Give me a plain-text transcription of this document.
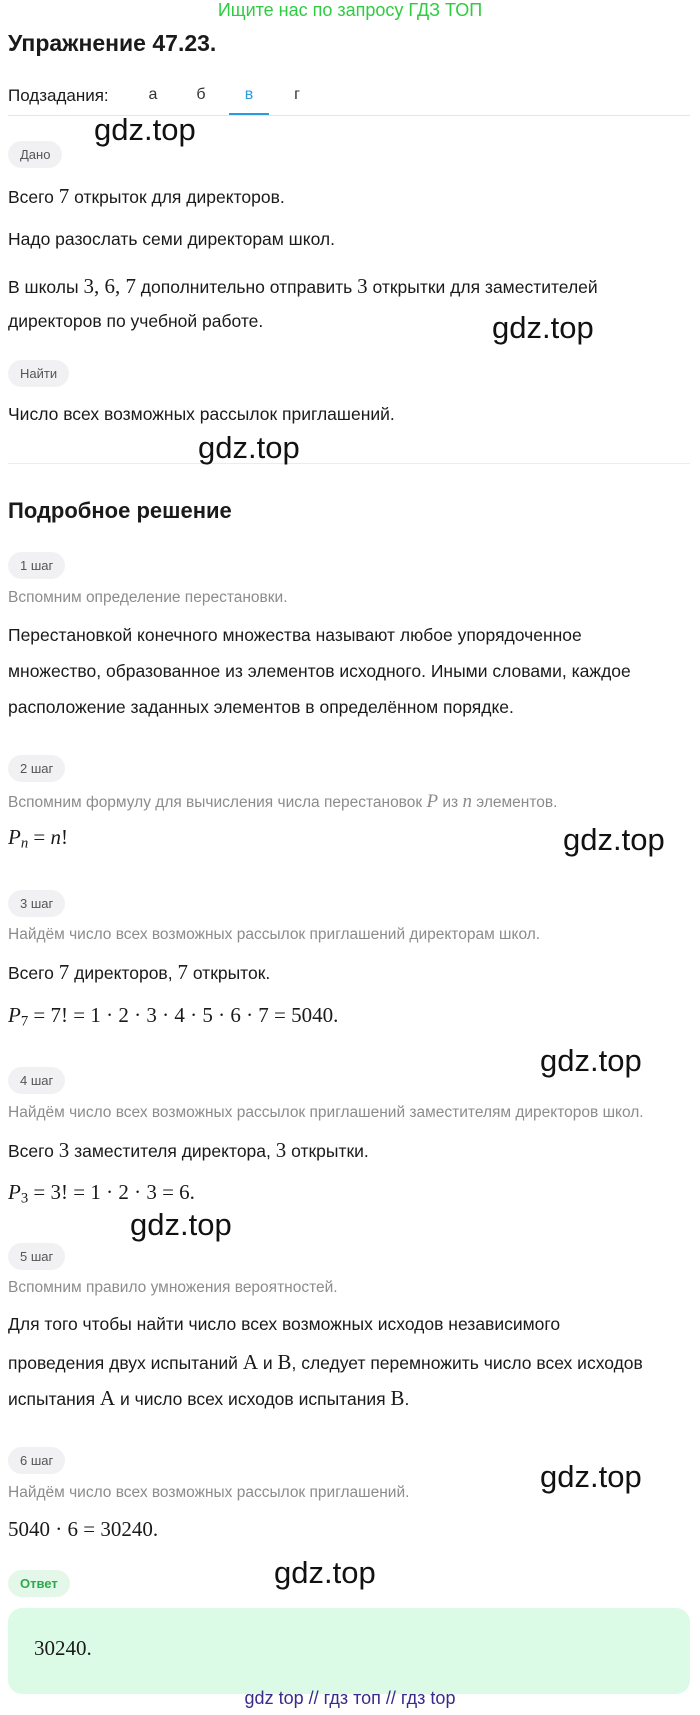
Ищите нас по запросу ГДЗ ТОП
Упражнение 47.23.
Подзадания:	а	б	в	г
Дано
Всего 7 открыток для директоров.
Надо разослать семи директорам школ.
В школы 3, 6, 7 дополнительно отправить 3 открытки для заместителей
директоров по учебной работе.
Найти
Число всех возможных рассылок приглашений.
Подробное решение
1 шаг
Вспомним определение перестановки.
Перестановкой конечного множества называют любое упорядоченное
множество, образованное из элементов исходного. Иными словами, каждое
расположение заданных элементов в определённом порядке.
2 шаг
Вспомним формулу для вычисления числа перестановок P из n элементов.
$P_n = n$!
3 шаг
Найдём число всех возможных рассылок приглашений директорам школ.
Всего 7 директоров, 7 открыток.
$P_7 = 7$! = 1 · 2 · 3 · 4 · 5 · 6 · 7 = 5040.
4 шаг
Найдём число всех возможных рассылок приглашений заместителям директоров школ.
Всего 3 заместителя директора, 3 открытки.
$P_3 = 3$! = 1 · 2 · 3 = 6.
5 шаг
Вспомним правило умножения вероятностей.
Для того чтобы найти число всех возможных исходов независимого
проведения двух испытаний A и B, следует перемножить число всех исходов
испытания A и число всех исходов испытания B.
6 шаг
Найдём число всех возможных рассылок приглашений.
5040 · 6 = 30240.
Ответ
30240.
gdz.top
gdz.top
gdz.top
gdz.top
gdz.top
gdz.top
gdz.top
gdz.top
gdz top // гдз топ // гдз top
